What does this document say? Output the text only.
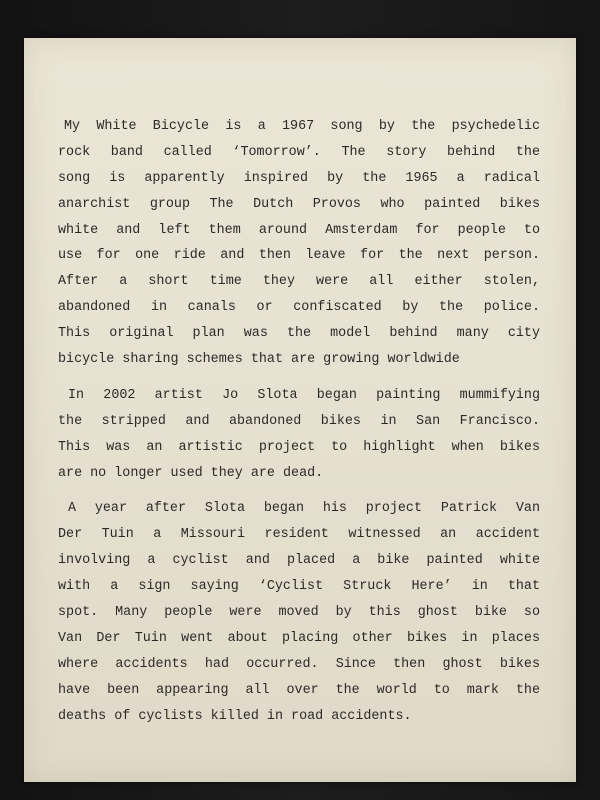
My White Bicycle is a 1967 song by the psychedelic
rock band called ‘Tomorrow’. The story behind the
song is apparently inspired by the 1965 a radical
anarchist group The Dutch Provos who painted bikes
white and left them around Amsterdam for people to
use for one ride and then leave for the next person.
After a short time they were all either stolen,
abandoned in canals or confiscated by the police.
This original plan was the model behind many city
bicycle sharing schemes that are growing worldwide

In 2002 artist Jo Slota began painting mummifying
the stripped and abandoned bikes in San Francisco.
This was an artistic project to highlight when bikes
are no longer used they are dead.

A year after Slota began his project Patrick Van
Der Tuin a Missouri resident witnessed an accident
involving a cyclist and placed a bike painted white
with a sign saying ‘Cyclist Struck Here’ in that
spot. Many people were moved by this ghost bike so
Van Der Tuin went about placing other bikes in places
where accidents had occurred. Since then ghost bikes
have been appearing all over the world to mark the
deaths of cyclists killed in road accidents.
